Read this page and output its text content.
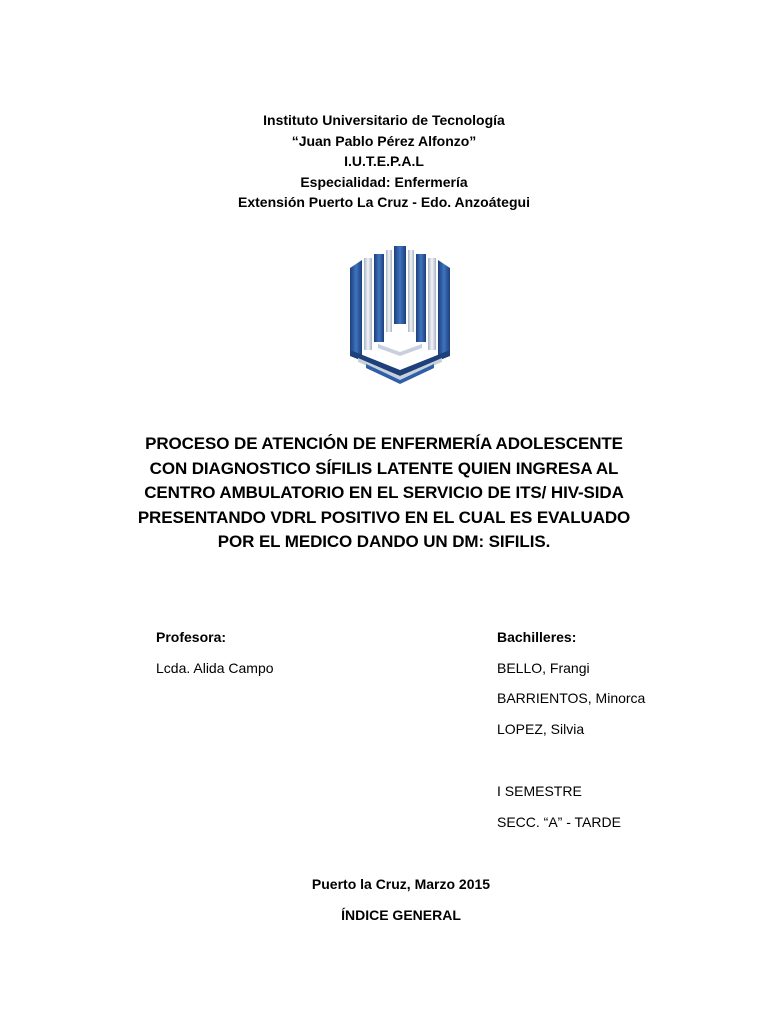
Instituto Universitario de Tecnología
“Juan Pablo Pérez Alfonzo”
I.U.T.E.P.A.L
Especialidad: Enfermería
Extensión Puerto La Cruz - Edo. Anzoátegui
PROCESO DE ATENCIÓN DE ENFERMERÍA ADOLESCENTE
CON DIAGNOSTICO SÍFILIS LATENTE QUIEN INGRESA AL
CENTRO AMBULATORIO EN EL SERVICIO DE ITS/ HIV-SIDA
PRESENTANDO VDRL POSITIVO EN EL CUAL ES EVALUADO
POR EL MEDICO DANDO UN DM: SIFILIS.
Profesora:
Lcda. Alida Campo
Bachilleres:
BELLO, Frangi
BARRIENTOS, Minorca
LOPEZ, Silvia
I SEMESTRE
SECC. “A” - TARDE
Puerto la Cruz, Marzo 2015
ÍNDICE GENERAL
